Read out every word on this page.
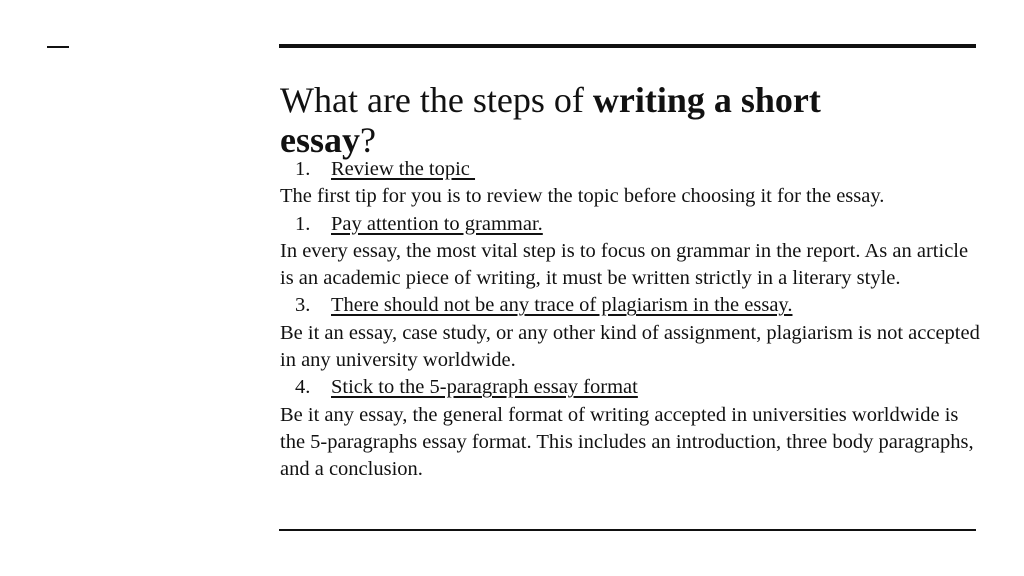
What are the steps of writing a short essay?
1.	Review the topic

The first tip for you is to review the topic before choosing it for the essay.

1.	Pay attention to grammar.

In every essay, the most vital step is to focus on grammar in the report. As an article is an academic piece of writing, it must be written strictly in a literary style.

3.	There should not be any trace of plagiarism in the essay.

Be it an essay, case study, or any other kind of assignment, plagiarism is not accepted in any university worldwide.

4.	Stick to the 5-paragraph essay format

Be it any essay, the general format of writing accepted in universities worldwide is the 5-paragraphs essay format. This includes an introduction, three body paragraphs, and a conclusion.
